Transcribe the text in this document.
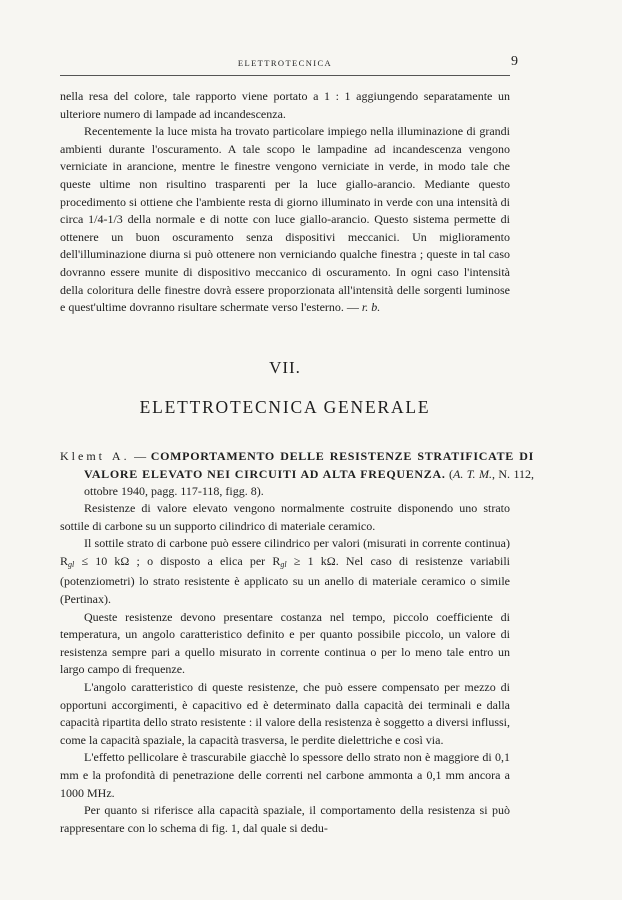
ELETTROTECNICA	9

nella resa del colore, tale rapporto viene portato a 1 : 1 aggiungendo separatamente un ulteriore numero di lampade ad incandescenza.

Recentemente la luce mista ha trovato particolare impiego nella illuminazione di grandi ambienti durante l'oscuramento. A tale scopo le lampadine ad incandescenza vengono verniciate in arancione, mentre le finestre vengono verniciate in verde, in modo tale che queste ultime non risultino trasparenti per la luce giallo-arancio. Mediante questo procedimento si ottiene che l'ambiente resta di giorno illuminato in verde con una intensità di circa 1/4-1/3 della normale e di notte con luce giallo-arancio. Questo sistema permette di ottenere un buon oscuramento senza dispositivi meccanici. Un miglioramento dell'illuminazione diurna si può ottenere non verniciando qualche finestra ; queste in tal caso dovranno essere munite di dispositivo meccanico di oscuramento. In ogni caso l'intensità della coloritura delle finestre dovrà essere proporzionata all'intensità delle sorgenti luminose e quest'ultime dovranno risultare schermate verso l'esterno. — r. b.

VII.
ELETTROTECNICA GENERALE
Klemt A. — COMPORTAMENTO DELLE RESISTENZE STRATIFICATE DI VALORE ELEVATO NEI CIRCUITI AD ALTA FREQUENZA. (A. T. M., N. 112, ottobre 1940, pagg. 117-118, figg. 8).

Resistenze di valore elevato vengono normalmente costruite disponendo uno strato sottile di carbone su un supporto cilindrico di materiale ceramico.

Il sottile strato di carbone può essere cilindrico per valori (misurati in corrente continua) $R_{gl} \le 10$ kΩ ; o disposto a elica per $R_{gl} \ge 1$ kΩ. Nel caso di resistenze variabili (potenziometri) lo strato resistente è applicato su un anello di materiale ceramico o simile (Pertinax).

Queste resistenze devono presentare costanza nel tempo, piccolo coefficiente di temperatura, un angolo caratteristico definito e per quanto possibile piccolo, un valore di resistenza sempre pari a quello misurato in corrente continua o per lo meno tale entro un largo campo di frequenze.

L'angolo caratteristico di queste resistenze, che può essere compensato per mezzo di opportuni accorgimenti, è capacitivo ed è determinato dalla capacità dei terminali e dalla capacità ripartita dello strato resistente : il valore della resistenza è soggetto a diversi influssi, come la capacità spaziale, la capacità trasversa, le perdite dielettriche e così via.

L'effetto pellicolare è trascurabile giacchè lo spessore dello strato non è maggiore di 0,1 mm e la profondità di penetrazione delle correnti nel carbone ammonta a 0,1 mm ancora a 1000 MHz.

Per quanto si riferisce alla capacità spaziale, il comportamento della resistenza si può rappresentare con lo schema di fig. 1, dal quale si dedu-
